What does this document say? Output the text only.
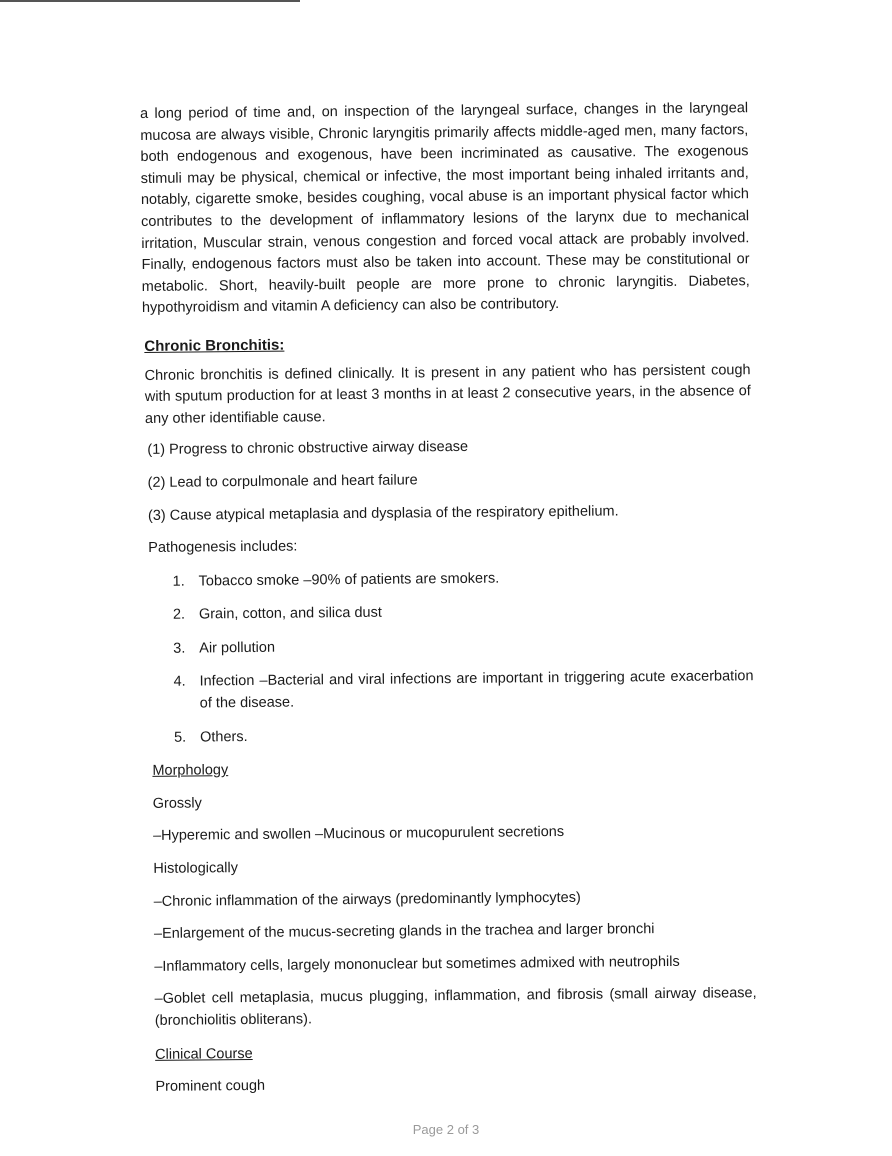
a long period of time and, on inspection of the laryngeal surface, changes in the laryngeal mucosa are always visible, Chronic laryngitis primarily affects middle-aged men, many factors, both endogenous and exogenous, have been incriminated as causative. The exogenous stimuli may be physical, chemical or infective, the most important being inhaled irritants and, notably, cigarette smoke, besides coughing, vocal abuse is an important physical factor which contributes to the development of inflammatory lesions of the larynx due to mechanical irritation, Muscular strain, venous congestion and forced vocal attack are probably involved. Finally, endogenous factors must also be taken into account. These may be constitutional or metabolic. Short, heavily-built people are more prone to chronic laryngitis. Diabetes, hypothyroidism and vitamin A deficiency can also be contributory.

Chronic Bronchitis:

Chronic bronchitis is defined clinically. It is present in any patient who has persistent cough with sputum production for at least 3 months in at least 2 consecutive years, in the absence of any other identifiable cause.

(1) Progress to chronic obstructive airway disease
(2) Lead to corpulmonale and heart failure
(3) Cause atypical metaplasia and dysplasia of the respiratory epithelium.
Pathogenesis includes:
1. Tobacco smoke –90% of patients are smokers.
2. Grain, cotton, and silica dust
3. Air pollution
4. Infection –Bacterial and viral infections are important in triggering acute exacerbation of the disease.
5. Others.
Morphology
Grossly
–Hyperemic and swollen –Mucinous or mucopurulent secretions
Histologically
–Chronic inflammation of the airways (predominantly lymphocytes)
–Enlargement of the mucus-secreting glands in the trachea and larger bronchi
–Inflammatory cells, largely mononuclear but sometimes admixed with neutrophils
–Goblet cell metaplasia, mucus plugging, inflammation, and fibrosis (small airway disease, (bronchiolitis obliterans).
Clinical Course
Prominent cough
Page 2 of 3
